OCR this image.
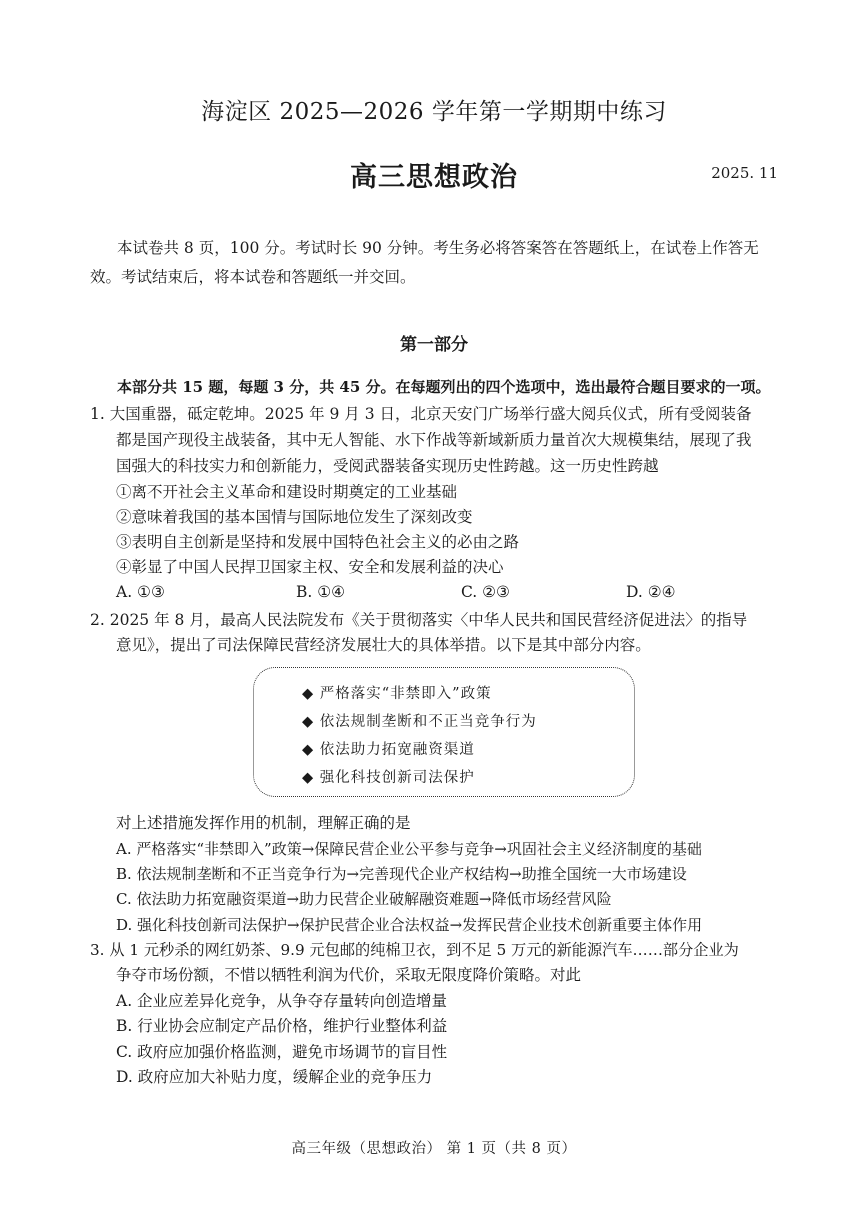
海淀区 2025—2026 学年第一学期期中练习
高三思想政治	2025. 11
本试卷共 8 页，100 分。考试时长 90 分钟。考生务必将答案答在答题纸上，在试卷上作答无
效。考试结束后，将本试卷和答题纸一并交回。
第一部分
本部分共 15 题，每题 3 分，共 45 分。在每题列出的四个选项中，选出最符合题目要求的一项。
1. 大国重器，砥定乾坤。2025 年 9 月 3 日，北京天安门广场举行盛大阅兵仪式，所有受阅装备
都是国产现役主战装备，其中无人智能、水下作战等新域新质力量首次大规模集结，展现了我
国强大的科技实力和创新能力，受阅武器装备实现历史性跨越。这一历史性跨越
①离不开社会主义革命和建设时期奠定的工业基础
②意味着我国的基本国情与国际地位发生了深刻改变
③表明自主创新是坚持和发展中国特色社会主义的必由之路
④彰显了中国人民捍卫国家主权、安全和发展利益的决心
A. ①③	B. ①④	C. ②③	D. ②④
2. 2025 年 8 月，最高人民法院发布《关于贯彻落实〈中华人民共和国民营经济促进法〉的指导
意见》，提出了司法保障民营经济发展壮大的具体举措。以下是其中部分内容。
◆ 严格落实“非禁即入”政策
◆ 依法规制垄断和不正当竞争行为
◆ 依法助力拓宽融资渠道
◆ 强化科技创新司法保护
对上述措施发挥作用的机制，理解正确的是
A. 严格落实“非禁即入”政策→保障民营企业公平参与竞争→巩固社会主义经济制度的基础
B. 依法规制垄断和不正当竞争行为→完善现代企业产权结构→助推全国统一大市场建设
C. 依法助力拓宽融资渠道→助力民营企业破解融资难题→降低市场经营风险
D. 强化科技创新司法保护→保护民营企业合法权益→发挥民营企业技术创新重要主体作用
3. 从 1 元秒杀的网红奶茶、9.9 元包邮的纯棉卫衣，到不足 5 万元的新能源汽车……部分企业为
争夺市场份额，不惜以牺牲利润为代价，采取无限度降价策略。对此
A. 企业应差异化竞争，从争夺存量转向创造增量
B. 行业协会应制定产品价格，维护行业整体利益
C. 政府应加强价格监测，避免市场调节的盲目性
D. 政府应加大补贴力度，缓解企业的竞争压力
高三年级（思想政治） 第 1 页（共 8 页）
